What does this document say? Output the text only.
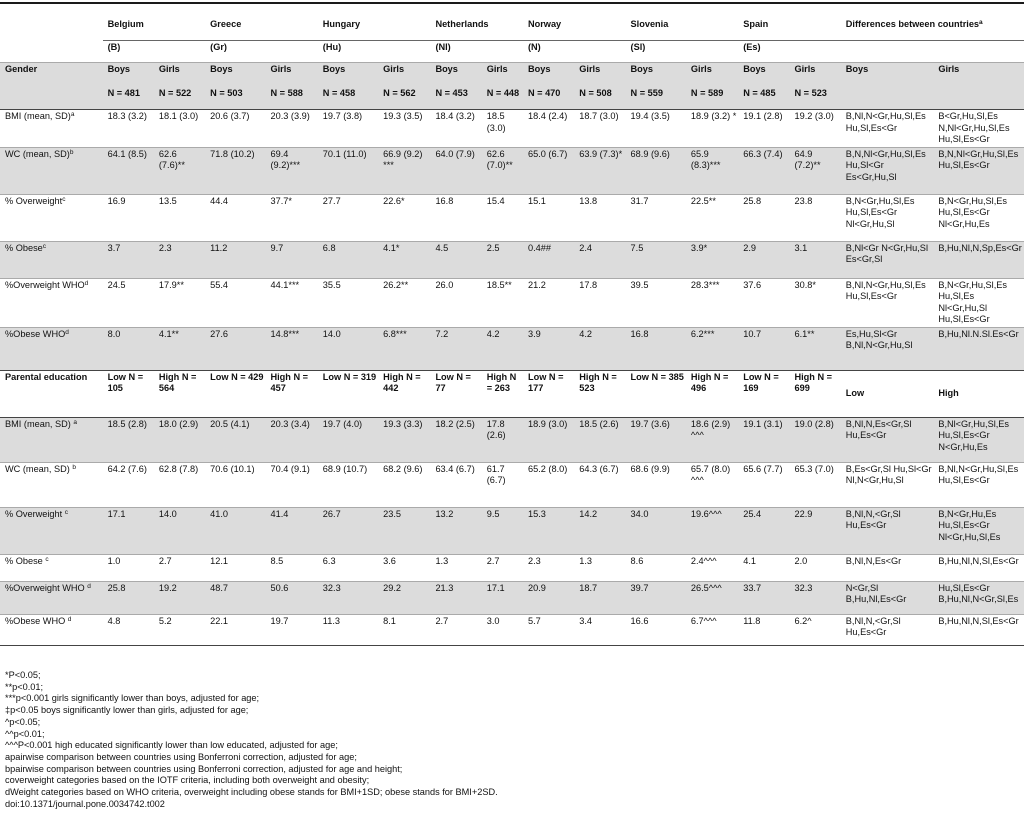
	Belgium		Greece		Hungary		Netherlands		Norway		Slovenia		Spain		Differences between countries$^a$
	(B)		(Gr)		(Hu)		(Nl)		(N)		(Sl)		(Es)			
Gender	Boys	Girls	Boys	Girls	Boys	Girls	Boys	Girls	Boys	Girls	Boys	Girls	Boys	Girls	Boys	Girls
	N = 481	N = 522	N = 503	N = 588	N = 458	N = 562	N = 453	N = 448	N = 470	N = 508	N = 559	N = 589	N = 485	N = 523		
BMI (mean, SD)$^a$	18.3 (3.2)	18.1 (3.0)	20.6 (3.7)	20.3 (3.9)	19.7 (3.8)	19.3 (3.5)	18.4 (3.2)	18.5 (3.0)	18.4 (2.4)	18.7 (3.0)	19.4 (3.5)	18.9 (3.2) *	19.1 (2.8)	19.2 (3.0)	B,Nl,N<Gr,Hu,Sl,Es Hu,Sl,Es<Gr	B<Gr,Hu,Sl,Es N,Nl<Gr,Hu,Sl,Es Hu,Sl,Es<Gr
WC (mean, SD)$^b$	64.1 (8.5)	62.6 (7.6)**	71.8 (10.2)	69.4 (9.2)***	70.1 (11.0)	66.9 (9.2) ***	64.0 (7.9)	62.6 (7.0)**	65.0 (6.7)	63.9 (7.3)*	68.9 (9.6)	65.9 (8.3)***	66.3 (7.4)	64.9 (7.2)**	B,N,Nl<Gr,Hu,Sl,Es Hu,Sl<Gr Es<Gr,Hu,Sl	B,N,Nl<Gr,Hu,Sl,Es Hu,Sl,Es<Gr
% Overweight$^c$	16.9	13.5	44.4	37.7*	27.7	22.6*	16.8	15.4	15.1	13.8	31.7	22.5**	25.8	23.8	B,N<Gr,Hu,Sl,Es Hu,Sl,Es<Gr Nl<Gr,Hu,Sl	B,N<Gr,Hu,Sl,Es Hu,Sl,Es<Gr Nl<Gr,Hu,Es
% Obese$^c$	3.7	2.3	11.2	9.7	6.8	4.1*	4.5	2.5	0.4##	2.4	7.5	3.9*	2.9	3.1	B,Nl<Gr N<Gr,Hu,Sl Es<Gr,Sl	B,Hu,Nl,N,Sp,Es<Gr
%Overweight WHO$^d$	24.5	17.9**	55.4	44.1***	35.5	26.2**	26.0	18.5**	21.2	17.8	39.5	28.3***	37.6	30.8*	B,Nl,N<Gr,Hu,Sl,Es Hu,Sl,Es<Gr	B,N<Gr,Hu,Sl,Es Hu,Sl,Es Nl<Gr,Hu,Sl Hu,Sl,Es<Gr
%Obese WHO$^d$	8.0	4.1**	27.6	14.8***	14.0	6.8***	7.2	4.2	3.9	4.2	16.8	6.2***	10.7	6.1**	Es,Hu,Sl<Gr B,Nl,N<Gr,Hu,Sl	B,Hu,Nl.N.Sl.Es<Gr
Parental education	Low N = 105	High N = 564	Low N = 429	High N = 457	Low N = 319	High N = 442	Low N = 77	High N = 263	Low N = 177	High N = 523	Low N = 385	High N = 496	Low N = 169	High N = 699	Low	High
BMI (mean, SD) $^a$	18.5 (2.8)	18.0 (2.9)	20.5 (4.1)	20.3 (3.4)	19.7 (4.0)	19.3 (3.3)	18.2 (2.5)	17.8 (2.6)	18.9 (3.0)	18.5 (2.6)	19.7 (3.6)	18.6 (2.9) ^^^	19.1 (3.1)	19.0 (2.8)	B,Nl,N,Es<Gr,Sl Hu,Es<Gr	B,Nl<Gr,Hu,Sl,Es Hu,Sl,Es<Gr N<Gr,Hu,Es
WC (mean, SD) $^b$	64.2 (7.6)	62.8 (7.8)	70.6 (10.1)	70.4 (9.1)	68.9 (10.7)	68.2 (9.6)	63.4 (6.7)	61.7 (6.7)	65.2 (8.0)	64.3 (6.7)	68.6 (9.9)	65.7 (8.0) ^^^	65.6 (7.7)	65.3 (7.0)	B,Es<Gr,Sl Hu,Sl<Gr Nl,N<Gr,Hu,Sl	B,Nl,N<Gr,Hu,Sl,Es Hu,Sl,Es<Gr
% Overweight $^c$	17.1	14.0	41.0	41.4	26.7	23.5	13.2	9.5	15.3	14.2	34.0	19.6^^^	25.4	22.9	B,Nl,N,<Gr,Sl Hu,Es<Gr	B,N<Gr,Hu,Es Hu,Sl,Es<Gr Nl<Gr,Hu,Sl,Es
% Obese $^c$	1.0	2.7	12.1	8.5	6.3	3.6	1.3	2.7	2.3	1.3	8.6	2.4^^^	4.1	2.0	B,Nl,N,Es<Gr	B,Hu,Nl,N,Sl,Es<Gr
%Overweight WHO $^d$	25.8	19.2	48.7	50.6	32.3	29.2	21.3	17.1	20.9	18.7	39.7	26.5^^^	33.7	32.3	N<Gr,Sl B,Hu,Nl,Es<Gr	Hu,Sl,Es<Gr B,Hu,Nl,N<Gr,Sl,Es
%Obese WHO $^d$	4.8	5.2	22.1	19.7	11.3	8.1	2.7	3.0	5.7	3.4	16.6	6.7^^^	11.8	6.2^	B,Nl,N,<Gr,Sl Hu,Es<Gr	B,Hu,Nl,N,Sl,Es<Gr

*P<0.05;
**p<0.01;
***p<0.001 girls significantly lower than boys, adjusted for age;
‡p<0.05 boys significantly lower than girls, adjusted for age;
^p<0.05;
^^p<0.01;
^^^P<0.001 high educated significantly lower than low educated, adjusted for age;
apairwise comparison between countries using Bonferroni correction, adjusted for age;
bpairwise comparison between countries using Bonferroni correction, adjusted for age and height;
coverweight categories based on the IOTF criteria, including both overweight and obesity;
dWeight categories based on WHO criteria, overweight including obese stands for BMI+1SD; obese stands for BMI+2SD.
doi:10.1371/journal.pone.0034742.t002
